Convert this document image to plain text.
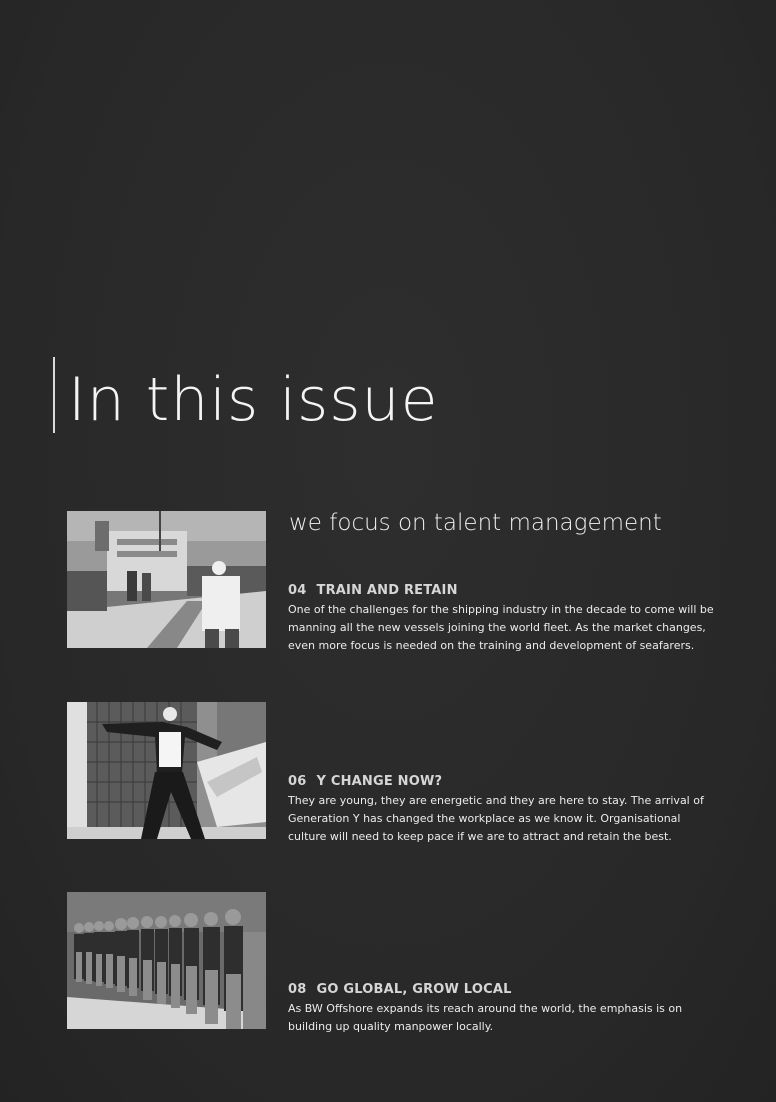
In this issue
we focus on talent management
04 TRAIN AND RETAIN
One of the challenges for the shipping industry in the decade to come will be manning all the new vessels joining the world fleet. As the market changes, even more focus is needed on the training and development of seafarers.
06 Y CHANGE NOW?
They are young, they are energetic and they are here to stay. The arrival of Generation Y has changed the workplace as we know it. Organisational culture will need to keep pace if we are to attract and retain the best.
08 GO GLOBAL, GROW LOCAL
As BW Offshore expands its reach around the world, the emphasis is on building up quality manpower locally.
